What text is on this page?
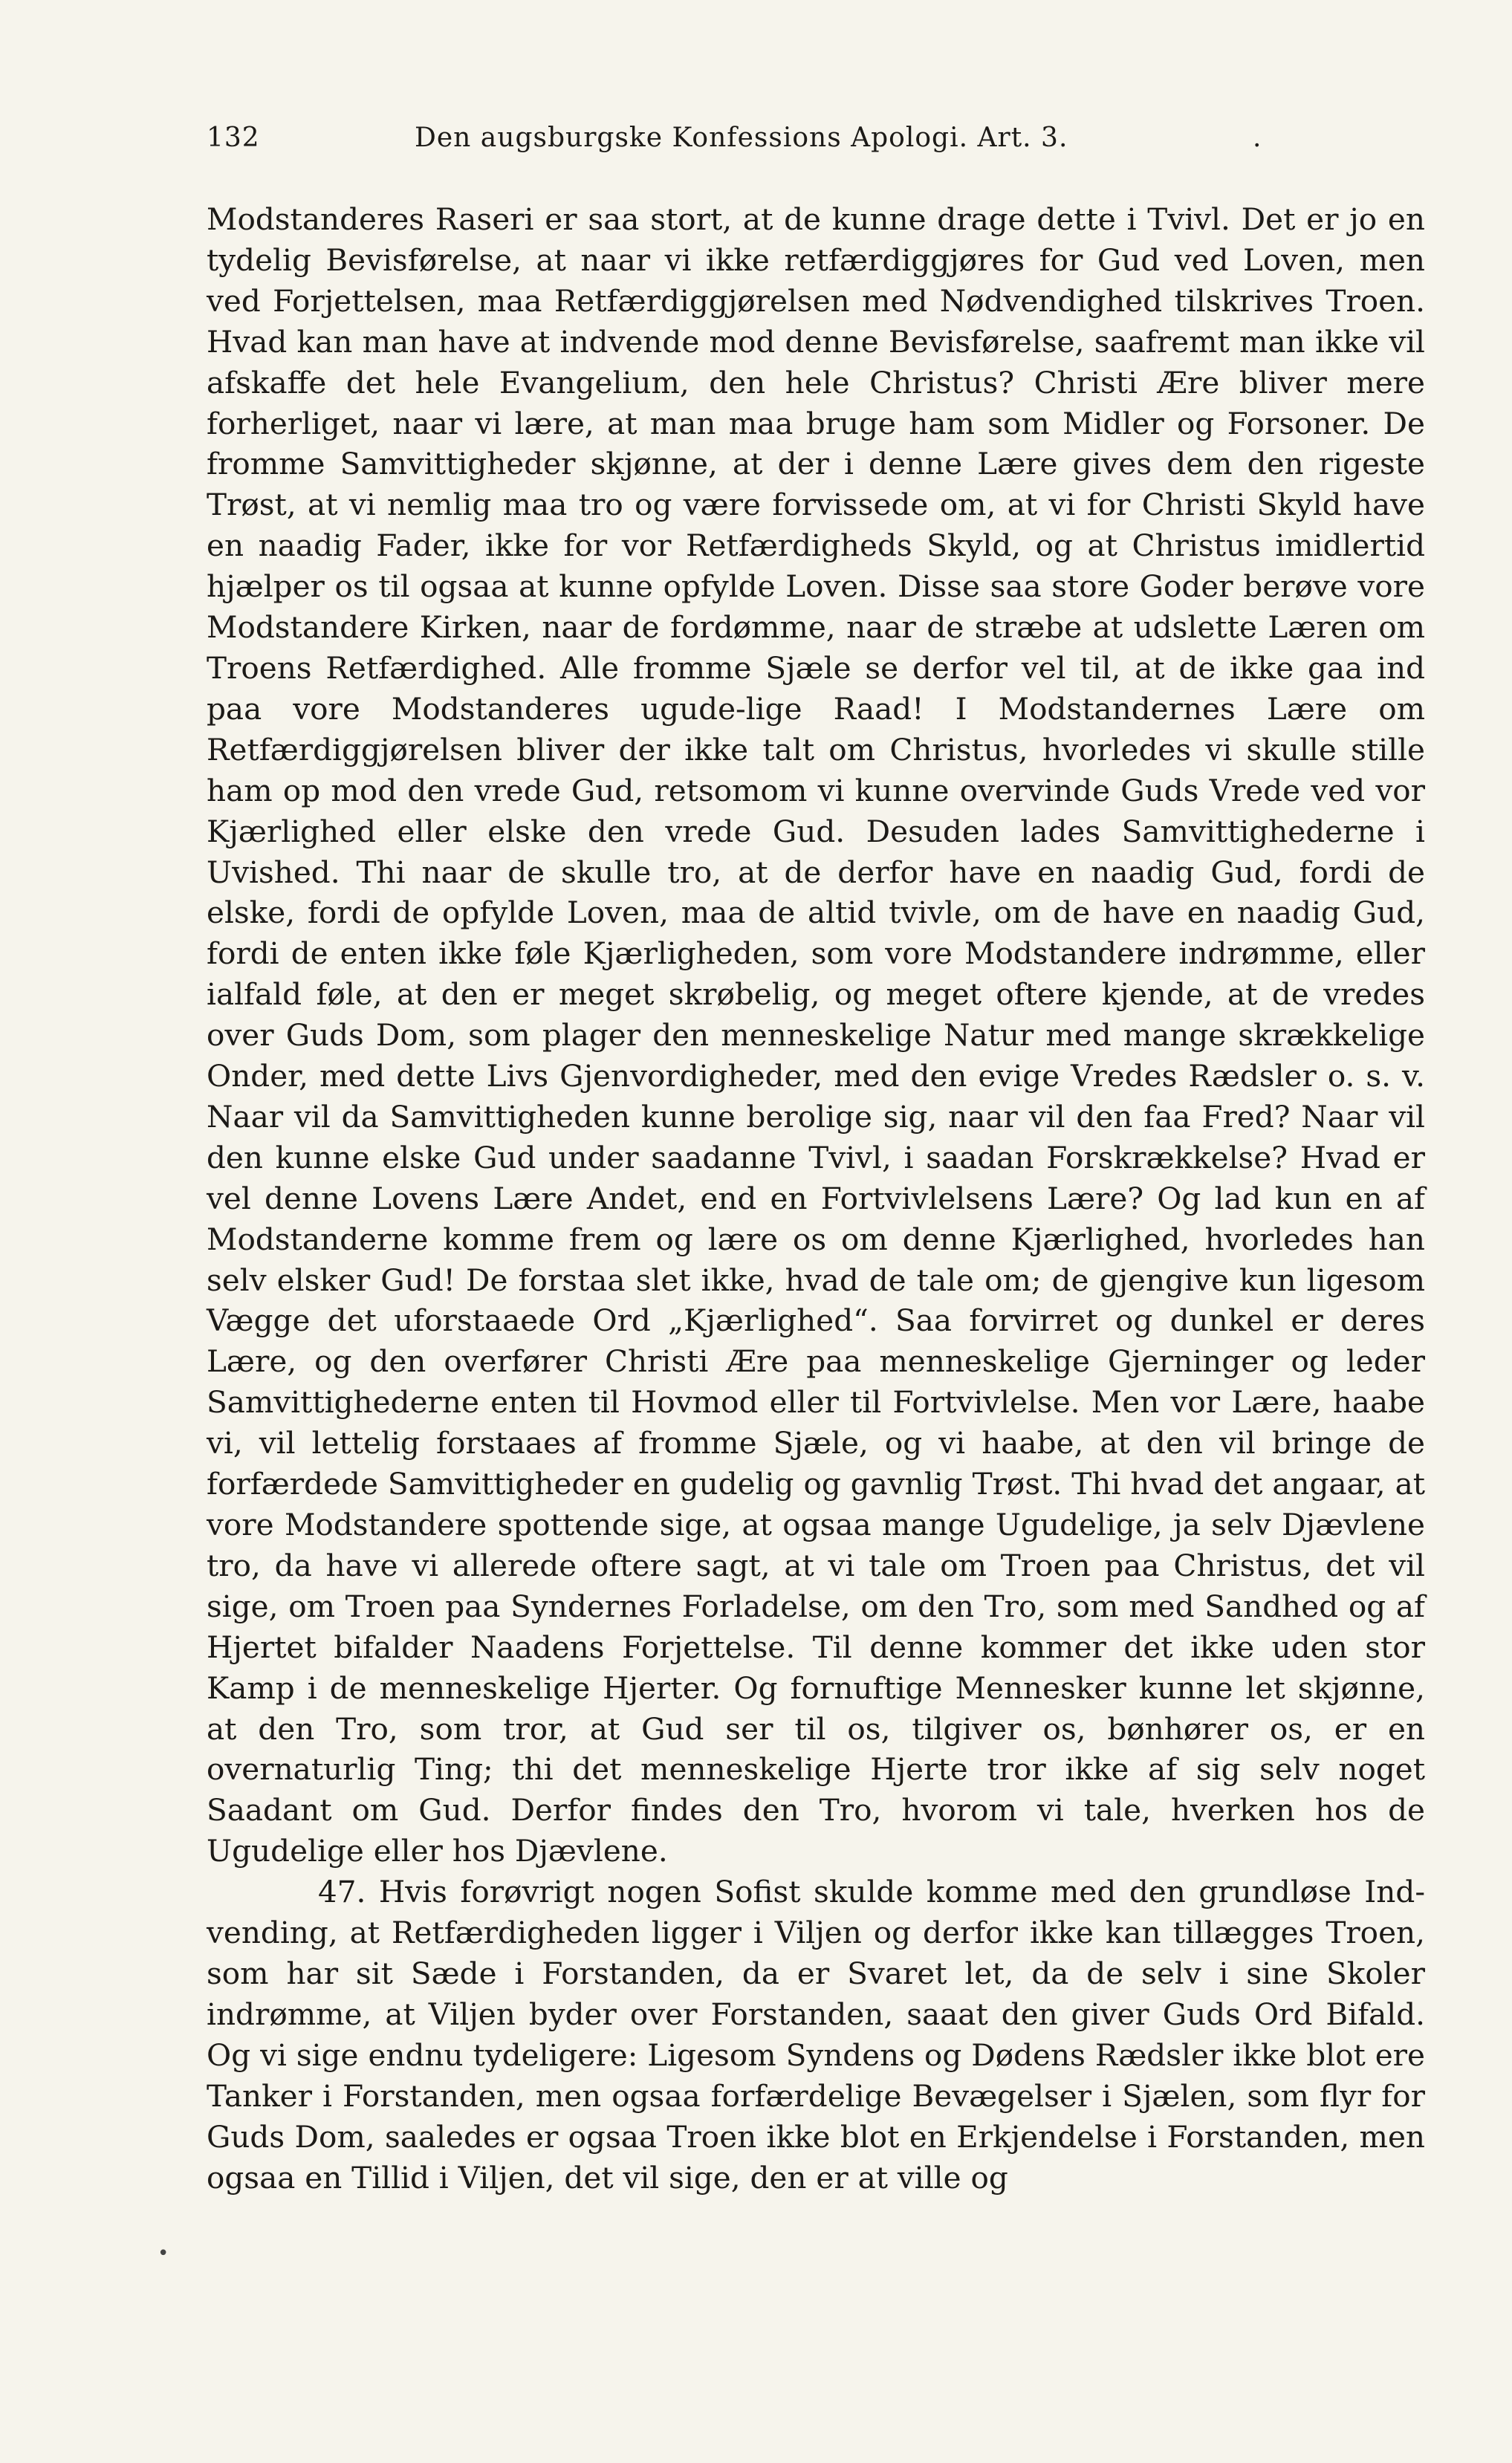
132	Den augsburgske Konfessions Apologi. Art. 3.	.

Modstanderes Raseri er saa stort, at de kunne drage dette i Tvivl. Det er jo en tydelig Bevisførelse, at naar vi ikke retfærdiggjøres for Gud ved Loven, men ved Forjettelsen, maa Retfærdiggjørelsen med Nødvendighed tilskrives Troen. Hvad kan man have at indvende mod denne Bevisførelse, saafremt man ikke vil afskaffe det hele Evangelium, den hele Christus? Christi Ære bliver mere forherliget, naar vi lære, at man maa bruge ham som Midler og Forsoner. De fromme Samvittigheder skjønne, at der i denne Lære gives dem den rigeste Trøst, at vi nemlig maa tro og være forvissede om, at vi for Christi Skyld have en naadig Fader, ikke for vor Retfærdigheds Skyld, og at Christus imidlertid hjælper os til ogsaa at kunne opfylde Loven. Disse saa store Goder berøve vore Modstandere Kirken, naar de fordømme, naar de stræbe at udslette Læren om Troens Retfærdighed. Alle fromme Sjæle se derfor vel til, at de ikke gaa ind paa vore Modstanderes ugude-lige Raad! I Modstandernes Lære om Retfærdiggjørelsen bliver der ikke talt om Christus, hvorledes vi skulle stille ham op mod den vrede Gud, retsomom vi kunne overvinde Guds Vrede ved vor Kjærlighed eller elske den vrede Gud. Desuden lades Samvittighederne i Uvished. Thi naar de skulle tro, at de derfor have en naadig Gud, fordi de elske, fordi de opfylde Loven, maa de altid tvivle, om de have en naadig Gud, fordi de enten ikke føle Kjærligheden, som vore Modstandere indrømme, eller ialfald føle, at den er meget skrøbelig, og meget oftere kjende, at de vredes over Guds Dom, som plager den menneskelige Natur med mange skrækkelige Onder, med dette Livs Gjenvordigheder, med den evige Vredes Rædsler o. s. v. Naar vil da Samvittigheden kunne berolige sig, naar vil den faa Fred? Naar vil den kunne elske Gud under saadanne Tvivl, i saadan Forskrækkelse? Hvad er vel denne Lovens Lære Andet, end en Fortvivlelsens Lære? Og lad kun en af Modstanderne komme frem og lære os om denne Kjærlighed, hvorledes han selv elsker Gud! De forstaa slet ikke, hvad de tale om; de gjengive kun ligesom Vægge det uforstaaede Ord „Kjærlighed“. Saa forvirret og dunkel er deres Lære, og den overfører Christi Ære paa menneskelige Gjerninger og leder Samvittighederne enten til Hovmod eller til Fortvivlelse. Men vor Lære, haabe vi, vil lettelig forstaaes af fromme Sjæle, og vi haabe, at den vil bringe de forfærdede Samvittigheder en gudelig og gavnlig Trøst. Thi hvad det angaar, at vore Modstandere spottende sige, at ogsaa mange Ugudelige, ja selv Djævlene tro, da have vi allerede oftere sagt, at vi tale om Troen paa Christus, det vil sige, om Troen paa Syndernes Forladelse, om den Tro, som med Sandhed og af Hjertet bifalder Naadens Forjettelse. Til denne kommer det ikke uden stor Kamp i de menneskelige Hjerter. Og fornuftige Mennesker kunne let skjønne, at den Tro, som tror, at Gud ser til os, tilgiver os, bønhører os, er en overnaturlig Ting; thi det menneskelige Hjerte tror ikke af sig selv noget Saadant om Gud. Derfor findes den Tro, hvorom vi tale, hverken hos de Ugudelige eller hos Djævlene.

47. Hvis forøvrigt nogen Sofist skulde komme med den grundløse Ind-vending, at Retfærdigheden ligger i Viljen og derfor ikke kan tillægges Troen, som har sit Sæde i Forstanden, da er Svaret let, da de selv i sine Skoler indrømme, at Viljen byder over Forstanden, saaat den giver Guds Ord Bifald. Og vi sige endnu tydeligere: Ligesom Syndens og Dødens Rædsler ikke blot ere Tanker i Forstanden, men ogsaa forfærdelige Bevægelser i Sjælen, som flyr for Guds Dom, saaledes er ogsaa Troen ikke blot en Erkjendelse i Forstanden, men ogsaa en Tillid i Viljen, det vil sige, den er at ville og

•
